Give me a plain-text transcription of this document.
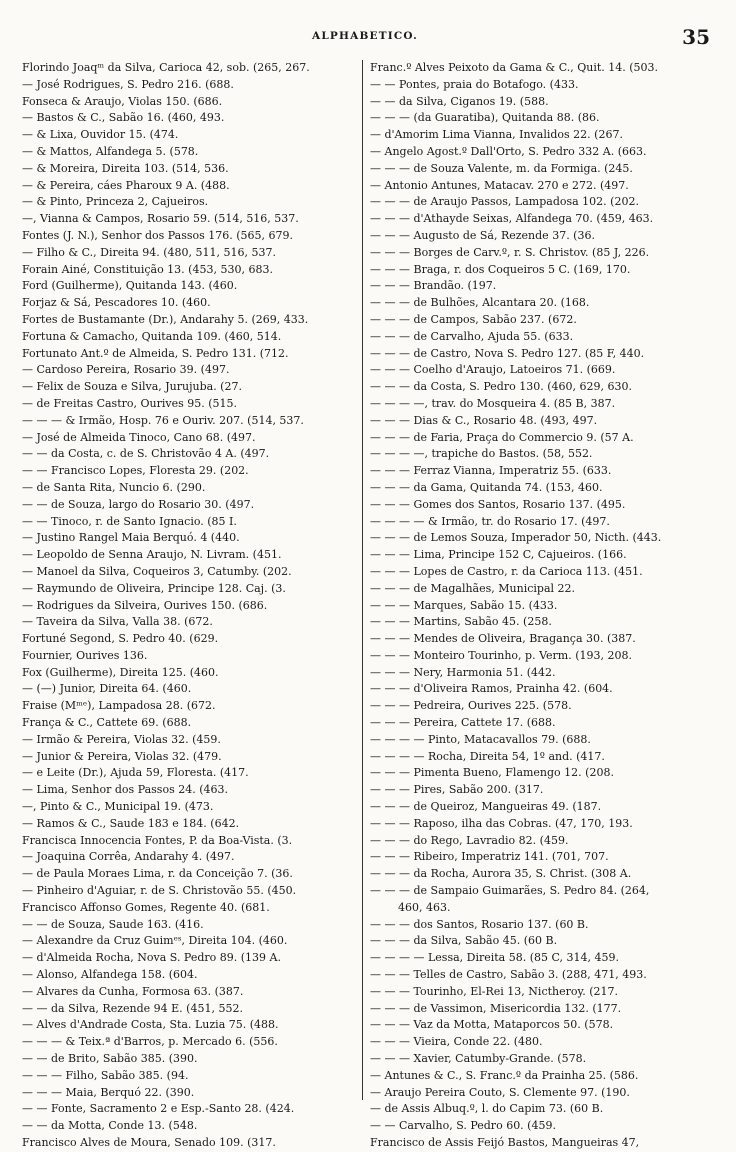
ALPHABETICO.	35
Florindo Joaqᵐ da Silva, Carioca 42, sob. (265, 267.
— José Rodrigues, S. Pedro 216. (688.
Fonseca & Araujo, Violas 150. (686.
— Bastos & C., Sabão 16. (460, 493.
— & Lixa, Ouvidor 15. (474.
— & Mattos, Alfandega 5. (578.
— & Moreira, Direita 103. (514, 536.
— & Pereira, cáes Pharoux 9 A. (488.
— & Pinto, Princeza 2, Cajueiros.
—, Vianna & Campos, Rosario 59. (514, 516, 537.
Fontes (J. N.), Senhor dos Passos 176. (565, 679.
— Filho & C., Direita 94. (480, 511, 516, 537.
Forain Ainé, Constituição 13. (453, 530, 683.
Ford (Guilherme), Quitanda 143. (460.
Forjaz & Sá, Pescadores 10. (460.
Fortes de Bustamante (Dr.), Andarahy 5. (269, 433.
Fortuna & Camacho, Quitanda 109. (460, 514.
Fortunato Ant.º de Almeida, S. Pedro 131. (712.
— Cardoso Pereira, Rosario 39. (497.
— Felix de Souza e Silva, Jurujuba. (27.
— de Freitas Castro, Ourives 95. (515.
— — — & Irmão, Hosp. 76 e Ouriv. 207. (514, 537.
— José de Almeida Tinoco, Cano 68. (497.
— — da Costa, c. de S. Christovão 4 A. (497.
— — Francisco Lopes, Floresta 29. (202.
— de Santa Rita, Nuncio 6. (290.
— — de Souza, largo do Rosario 30. (497.
— — Tinoco, r. de Santo Ignacio. (85 I.
— Justino Rangel Maia Berquó. 4 (440.
— Leopoldo de Senna Araujo, N. Livram. (451.
— Manoel da Silva, Coqueiros 3, Catumby. (202.
— Raymundo de Oliveira, Principe 128. Caj. (3.
— Rodrigues da Silveira, Ourives 150. (686.
— Taveira da Silva, Valla 38. (672.
Fortuné Segond, S. Pedro 40. (629.
Fournier, Ourives 136.
Fox (Guilherme), Direita 125. (460.
— (—) Junior, Direita 64. (460.
Fraise (Mᵐᵉ), Lampadosa 28. (672.
França & C., Cattete 69. (688.
— Irmão & Pereira, Violas 32. (459.
— Junior & Pereira, Violas 32. (479.
— e Leite (Dr.), Ajuda 59, Floresta. (417.
— Lima, Senhor dos Passos 24. (463.
—, Pinto & C., Municipal 19. (473.
— Ramos & C., Saude 183 e 184. (642.
Francisca Innocencia Fontes, P. da Boa-Vista. (3.
— Joaquina Corrêa, Andarahy 4. (497.
— de Paula Moraes Lima, r. da Conceição 7. (36.
— Pinheiro d'Aguiar, r. de S. Christovão 55. (450.
Francisco Affonso Gomes, Regente 40. (681.
— — de Souza, Saude 163. (416.
— Alexandre da Cruz Guimᵉˢ, Direita 104. (460.
— d'Almeida Rocha, Nova S. Pedro 89. (139 A.
— Alonso, Alfandega 158. (604.
— Alvares da Cunha, Formosa 63. (387.
— — da Silva, Rezende 94 E. (451, 552.
— Alves d'Andrade Costa, Sta. Luzia 75. (488.
— — — & Teix.ª d'Barros, p. Mercado 6. (556.
— — de Brito, Sabão 385. (390.
— — — Filho, Sabão 385. (94.
— — — Maia, Berquó 22. (390.
— — Fonte, Sacramento 2 e Esp.-Santo 28. (424.
— — da Motta, Conde 13. (548.
Francisco Alves de Moura, Senado 109. (317.
Franc.º Alves Peixoto da Gama & C., Quit. 14. (503.
— — Pontes, praia do Botafogo. (433.
— — da Silva, Ciganos 19. (588.
— — — (da Guaratiba), Quitanda 88. (86.
— d'Amorim Lima Vianna, Invalidos 22. (267.
— Angelo Agost.º Dall'Orto, S. Pedro 332 A. (663.
— — — de Souza Valente, m. da Formiga. (245.
— Antonio Antunes, Matacav. 270 e 272. (497.
— — — de Araujo Passos, Lampadosa 102. (202.
— — — d'Athayde Seixas, Alfandega 70. (459, 463.
— — — Augusto de Sá, Rezende 37. (36.
— — — Borges de Carv.º, r. S. Christov. (85 J, 226.
— — — Braga, r. dos Coqueiros 5 C. (169, 170.
— — — Brandão. (197.
— — — de Bulhões, Alcantara 20. (168.
— — — de Campos, Sabão 237. (672.
— — — de Carvalho, Ajuda 55. (633.
— — — de Castro, Nova S. Pedro 127. (85 F, 440.
— — — Coelho d'Araujo, Latoeiros 71. (669.
— — — da Costa, S. Pedro 130. (460, 629, 630.
— — — —, trav. do Mosqueira 4. (85 B, 387.
— — — Dias & C., Rosario 48. (493, 497.
— — — de Faria, Praça do Commercio 9. (57 A.
— — — —, trapiche do Bastos. (58, 552.
— — — Ferraz Vianna, Imperatriz 55. (633.
— — — da Gama, Quitanda 74. (153, 460.
— — — Gomes dos Santos, Rosario 137. (495.
— — — — & Irmão, tr. do Rosario 17. (497.
— — — de Lemos Souza, Imperador 50, Nicth. (443.
— — — Lima, Principe 152 C, Cajueiros. (166.
— — — Lopes de Castro, r. da Carioca 113. (451.
— — — de Magalhães, Municipal 22.
— — — Marques, Sabão 15. (433.
— — — Martins, Sabão 45. (258.
— — — Mendes de Oliveira, Bragança 30. (387.
— — — Monteiro Tourinho, p. Verm. (193, 208.
— — — Nery, Harmonia 51. (442.
— — — d'Oliveira Ramos, Prainha 42. (604.
— — — Pedreira, Ourives 225. (578.
— — — Pereira, Cattete 17. (688.
— — — — Pinto, Matacavallos 79. (688.
— — — — Rocha, Direita 54, 1º and. (417.
— — — Pimenta Bueno, Flamengo 12. (208.
— — — Pires, Sabão 200. (317.
— — — de Queiroz, Mangueiras 49. (187.
— — — Raposo, ilha das Cobras. (47, 170, 193.
— — — do Rego, Lavradio 82. (459.
— — — Ribeiro, Imperatriz 141. (701, 707.
— — — da Rocha, Aurora 35, S. Christ. (308 A.
— — — de Sampaio Guimarães, S. Pedro 84. (264,
460, 463.
— — — dos Santos, Rosario 137. (60 B.
— — — da Silva, Sabão 45. (60 B.
— — — — Lessa, Direita 58. (85 C, 314, 459.
— — — Telles de Castro, Sabão 3. (288, 471, 493.
— — — Tourinho, El-Rei 13, Nictheroy. (217.
— — — de Vassimon, Misericordia 132. (177.
— — — Vaz da Motta, Mataporcos 50. (578.
— — — Vieira, Conde 22. (480.
— — — Xavier, Catumby-Grande. (578.
— Antunes & C., S. Franc.º da Prainha 25. (586.
— Araujo Pereira Couto, S. Clemente 97. (190.
— de Assis Albuq.º, l. do Capim 73. (60 B.
— — Carvalho, S. Pedro 60. (459.
Francisco de Assis Feijó Bastos, Mangueiras 47,
